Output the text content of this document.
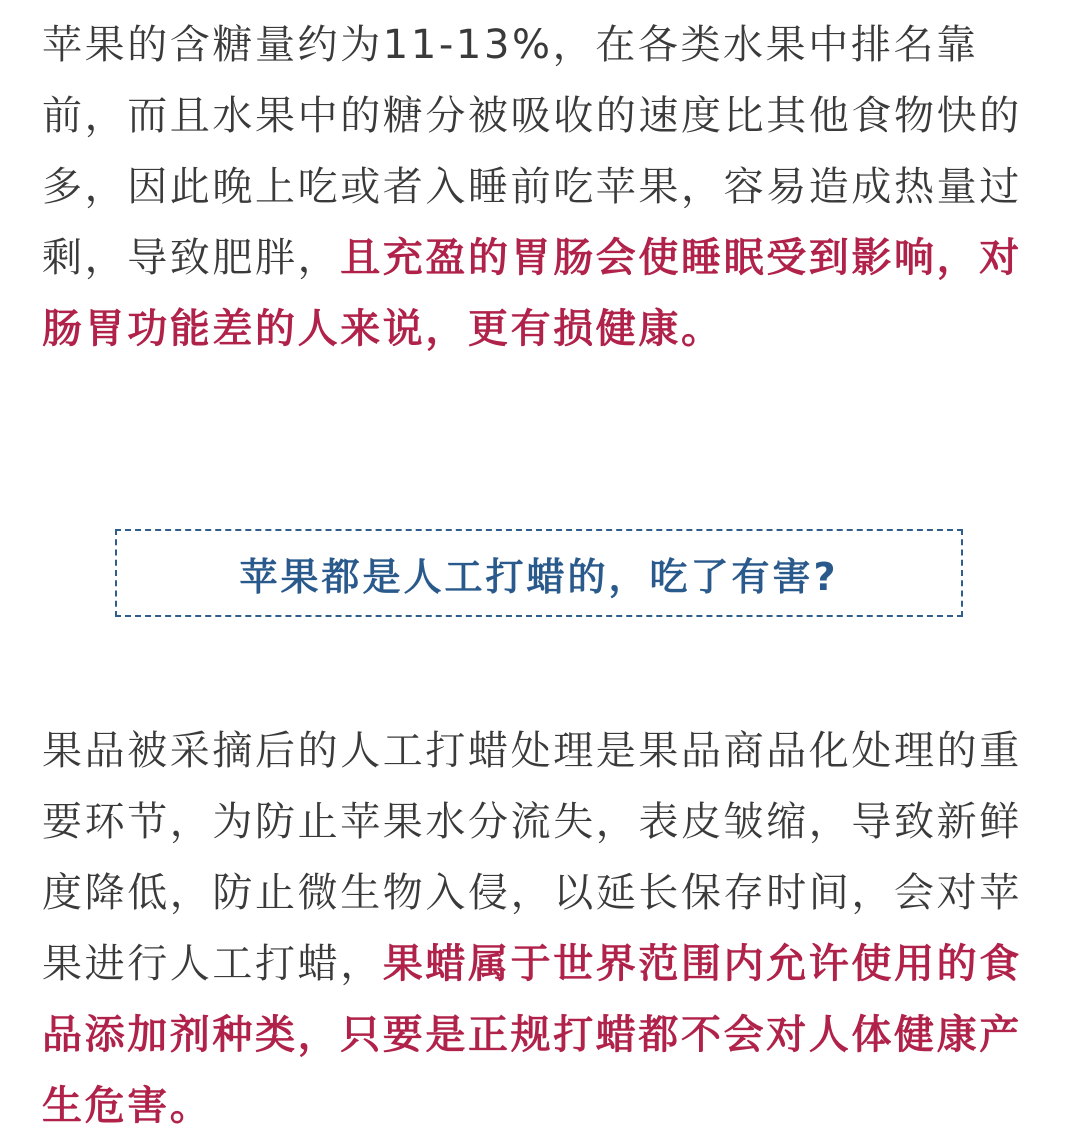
苹果的含糖量约为11-13%，在各类水果中排名靠前，而且水果中的糖分被吸收的速度比其他食物快的多，因此晚上吃或者入睡前吃苹果，容易造成热量过剩，导致肥胖，且充盈的胃肠会使睡眠受到影响，对肠胃功能差的人来说，更有损健康。

苹果都是人工打蜡的，吃了有害?

果品被采摘后的人工打蜡处理是果品商品化处理的重要环节，为防止苹果水分流失，表皮皱缩，导致新鲜度降低，防止微生物入侵，以延长保存时间，会对苹果进行人工打蜡，果蜡属于世界范围内允许使用的食品添加剂种类，只要是正规打蜡都不会对人体健康产生危害。
